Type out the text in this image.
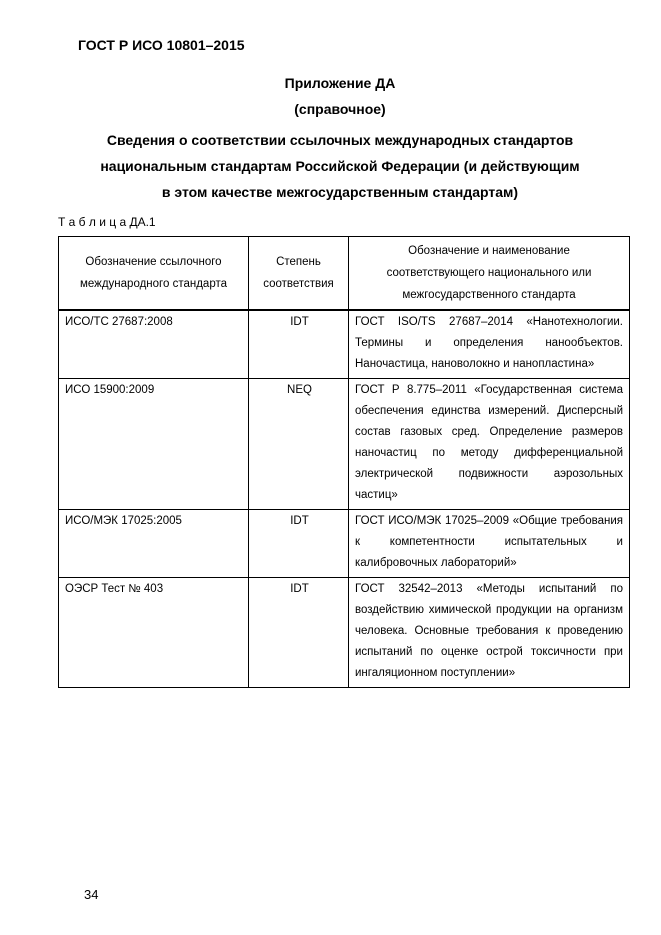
ГОСТ Р ИСО 10801–2015
Приложение ДА
(справочное)
Сведения о соответствии ссылочных международных стандартов
национальным стандартам Российской Федерации (и действующим
в этом качестве межгосударственным стандартам)
Т а б л и ц а ДА.1
Обозначение ссылочного международного стандарта	Степень соответствия	Обозначение и наименование соответствующего национального или межгосударственного стандарта
ИСО/ТС 27687:2008	IDT	ГОСТ ISO/TS 27687–2014 «Нанотехнологии. Термины и определения нанообъектов. Наночастица, нановолокно и нанопластина»
ИСО 15900:2009	NEQ	ГОСТ Р 8.775–2011 «Государственная система обеспечения единства измерений. Дисперсный состав газовых сред. Определение размеров наночастиц по методу дифференциальной электрической подвижности аэрозольных частиц»
ИСО/МЭК 17025:2005	IDT	ГОСТ ИСО/МЭК 17025–2009 «Общие требования к компетентности испытательных и калибровочных лабораторий»
ОЭСР Тест № 403	IDT	ГОСТ 32542–2013 «Методы испытаний по воздействию химической продукции на организм человека. Основные требования к проведению испытаний по оценке острой токсичности при ингаляционном поступлении»
34
